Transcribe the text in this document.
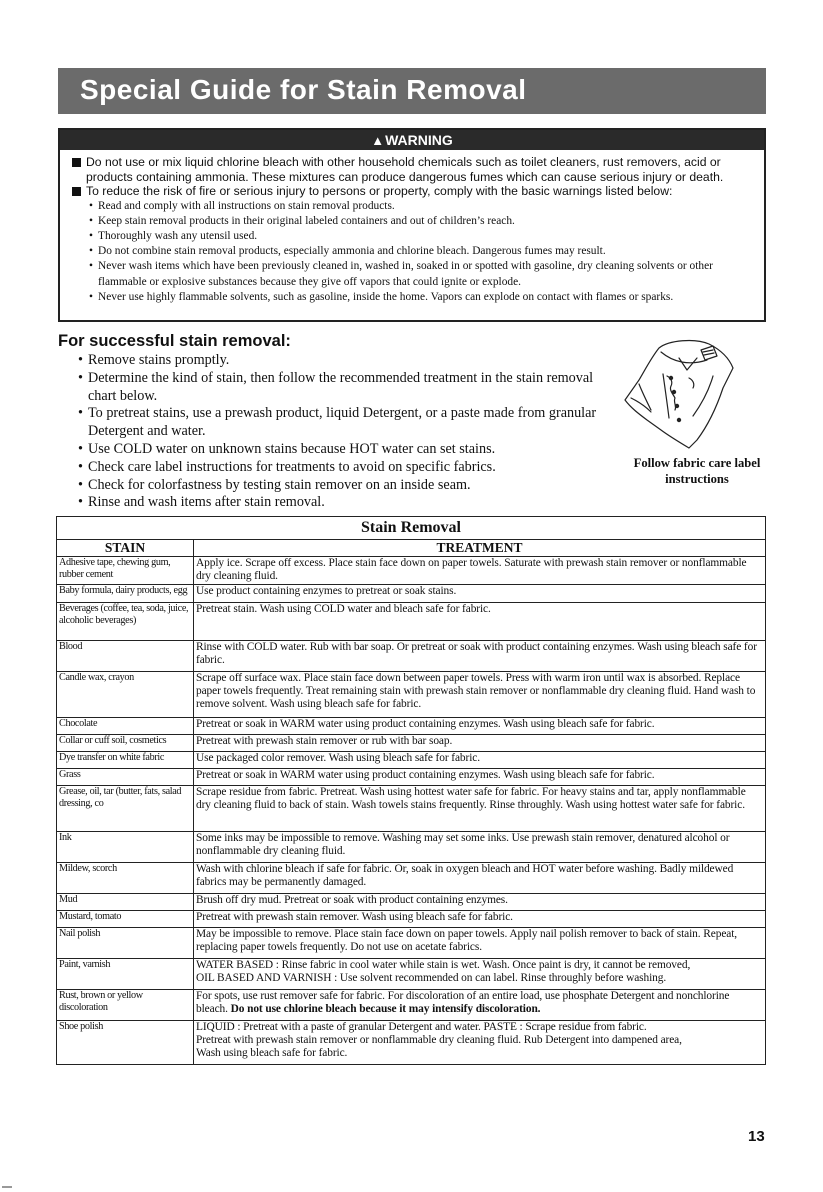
Special Guide for Stain Removal
▲WARNING
Do not use or mix liquid chlorine bleach with other household chemicals such as toilet cleaners, rust removers, acid or products containing ammonia. These mixtures can produce dangerous fumes which can cause serious injury or death.
To reduce the risk of fire or serious injury to persons or property, comply with the basic warnings listed below:
• Read and comply with all instructions on stain removal products.
• Keep stain removal products in their original labeled containers and out of children’s reach.
• Thoroughly wash any utensil used.
• Do not combine stain removal products, especially ammonia and chlorine bleach. Dangerous fumes may result.
• Never wash items which have been previously cleaned in, washed in, soaked in or spotted with gasoline, dry cleaning solvents or other flammable or explosive substances because they give off vapors that could ignite or explode.
• Never use highly flammable solvents, such as gasoline, inside the home. Vapors can explode on contact with flames or sparks.
For successful stain removal:
• Remove stains promptly.
• Determine the kind of stain, then follow the recommended treatment in the stain removal chart below.
• To pretreat stains, use a prewash product, liquid Detergent, or a paste made from granular Detergent and water.
• Use COLD water on unknown stains because HOT water can set stains.
• Check care label instructions for treatments to avoid on specific fabrics.
• Check for colorfastness by testing stain remover on an inside seam.
• Rinse and wash items after stain removal.
Follow fabric care label instructions
Stain Removal	
STAIN	TREATMENT
Adhesive tape, chewing gum, rubber cement	Apply ice. Scrape off excess. Place stain face down on paper towels. Saturate with prewash stain remover or nonflammable dry cleaning fluid.
Baby formula, dairy products, egg	Use product containing enzymes to pretreat or soak stains.
Beverages (coffee, tea, soda, juice, alcoholic beverages)	Pretreat stain. Wash using COLD water and bleach safe for fabric.
Blood	Rinse with COLD water. Rub with bar soap. Or pretreat or soak with product containing enzymes. Wash using bleach safe for fabric.
Candle wax, crayon	Scrape off surface wax. Place stain face down between paper towels. Press with warm iron until wax is absorbed. Replace paper towels frequently. Treat remaining stain with prewash stain remover or nonflammable dry cleaning fluid. Hand wash to remove solvent. Wash using bleach safe for fabric.
Chocolate	Pretreat or soak in WARM water using product containing enzymes. Wash using bleach safe for fabric.
Collar or cuff soil, cosmetics	Pretreat with prewash stain remover or rub with bar soap.
Dye transfer on white fabric	Use packaged color remover. Wash using bleach safe for fabric.
Grass	Pretreat or soak in WARM water using product containing enzymes. Wash using bleach safe for fabric.
Grease, oil, tar (butter, fats, salad dressing, co	Scrape residue from fabric. Pretreat. Wash using hottest water safe for fabric. For heavy stains and tar, apply nonflammable dry cleaning fluid to back of stain. Wash towels stains frequently. Rinse throughly. Wash using hottest water safe for fabric.
Ink	Some inks may be impossible to remove. Washing may set some inks. Use prewash stain remover, denatured alcohol or nonflammable dry cleaning fluid.
Mildew, scorch	Wash with chlorine bleach if safe for fabric. Or, soak in oxygen bleach and HOT water before washing. Badly mildewed fabrics may be permanently damaged.
Mud	Brush off dry mud. Pretreat or soak with product containing enzymes.
Mustard, tomato	Pretreat with prewash stain remover. Wash using bleach safe for fabric.
Nail polish	May be impossible to remove. Place stain face down on paper towels. Apply nail polish remover to back of stain. Repeat, replacing paper towels frequently. Do not use on acetate fabrics.
Paint, varnish	WATER BASED : Rinse fabric in cool water while stain is wet. Wash. Once paint is dry, it cannot be removed,
OIL BASED AND VARNISH : Use solvent recommended on can label. Rinse throughly before washing.

Rust, brown or yellow discoloration	For spots, use rust remover safe for fabric. For discoloration of an entire load, use phosphate Detergent and nonchlorine bleach. Do not use chlorine bleach because it may intensify discoloration.
Shoe polish	LIQUID : Pretreat with a paste of granular Detergent and water. PASTE : Scrape residue from fabric.
Pretreat with prewash stain remover or nonflammable dry cleaning fluid. Rub Detergent into dampened area,
Wash using bleach safe for fabric.
13
